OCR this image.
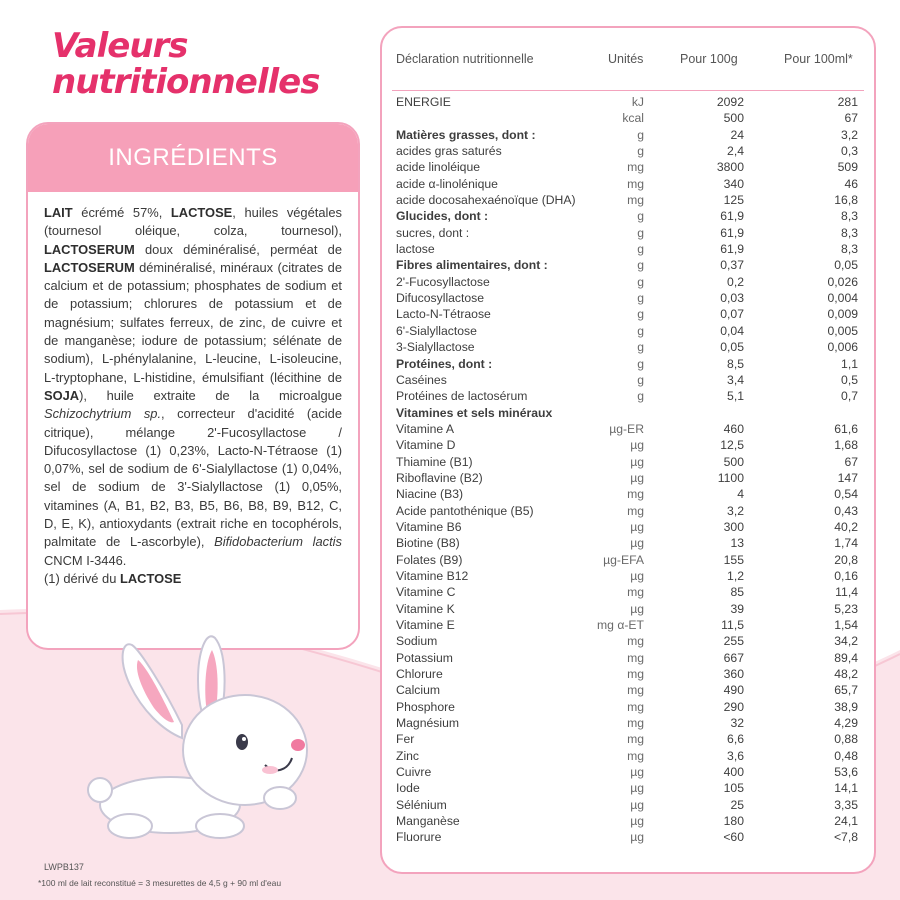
Valeurs
nutritionnelles
INGRÉDIENTS

LAIT écrémé 57%, LACTOSE, huiles végétales (tournesol oléique, colza, tournesol), LACTOSERUM doux déminéralisé, perméat de LACTOSERUM déminéralisé, minéraux (citrates de calcium et de potassium; phosphates de sodium et de potassium; chlorures de potassium et de magnésium; sulfates ferreux, de zinc, de cuivre et de manganèse; iodure de potassium; sélénate de sodium), L-phénylalanine, L-leucine, L-isoleucine, L-tryptophane, L-histidine, émulsifiant (lécithine de SOJA), huile extraite de la microalgue Schizochytrium sp., correcteur d'acidité (acide citrique), mélange 2'-Fucosyllactose / Difucosyllactose (1) 0,23%, Lacto-N-Tétraose (1) 0,07%, sel de sodium de 6'-Sialyllactose (1) 0,04%, sel de sodium de 3'-Sialyllactose (1) 0,05%, vitamines (A, B1, B2, B3, B5, B6, B8, B9, B12, C, D, E, K), antioxydants (extrait riche en tocophérols, palmitate de L-ascorbyle), Bifidobacterium lactis CNCM I-3446.

(1) dérivé du LACTOSE

Déclaration nutritionnelle	Unités	Pour 100g	Pour 100ml*
ENERGIE	kJ	2092	281
kcal	500	67
Matières grasses, dont :	g	24	3,2
acides gras saturés	g	2,4	0,3
acide linoléique	mg	3800	509
acide α-linolénique	mg	340	46
acide docosahexaénoïque (DHA)	mg	125	16,8
Glucides, dont :	g	61,9	8,3
sucres, dont :	g	61,9	8,3
lactose	g	61,9	8,3
Fibres alimentaires, dont :	g	0,37	0,05
2'-Fucosyllactose	g	0,2	0,026
Difucosyllactose	g	0,03	0,004
Lacto-N-Tétraose	g	0,07	0,009
6'-Sialyllactose	g	0,04	0,005
3-Sialyllactose	g	0,05	0,006
Protéines, dont :	g	8,5	1,1
Caséines	g	3,4	0,5
Protéines de lactosérum	g	5,1	0,7
Vitamines et sels minéraux
Vitamine A	µg-ER	460	61,6
Vitamine D	µg	12,5	1,68
Thiamine (B1)	µg	500	67
Riboflavine (B2)	µg	1100	147
Niacine (B3)	mg	4	0,54
Acide pantothénique (B5)	mg	3,2	0,43
Vitamine B6	µg	300	40,2
Biotine (B8)	µg	13	1,74
Folates (B9)	µg-EFA	155	20,8
Vitamine B12	µg	1,2	0,16
Vitamine C	mg	85	11,4
Vitamine K	µg	39	5,23
Vitamine E	mg α-ET	11,5	1,54
Sodium	mg	255	34,2
Potassium	mg	667	89,4
Chlorure	mg	360	48,2
Calcium	mg	490	65,7
Phosphore	mg	290	38,9
Magnésium	mg	32	4,29
Fer	mg	6,6	0,88
Zinc	mg	3,6	0,48
Cuivre	µg	400	53,6
Iode	µg	105	14,1
Sélénium	µg	25	3,35
Manganèse	µg	180	24,1
Fluorure	µg	<60	<7,8
LWPB137
*100 ml de lait reconstitué = 3 mesurettes de 4,5 g + 90 ml d'eau
